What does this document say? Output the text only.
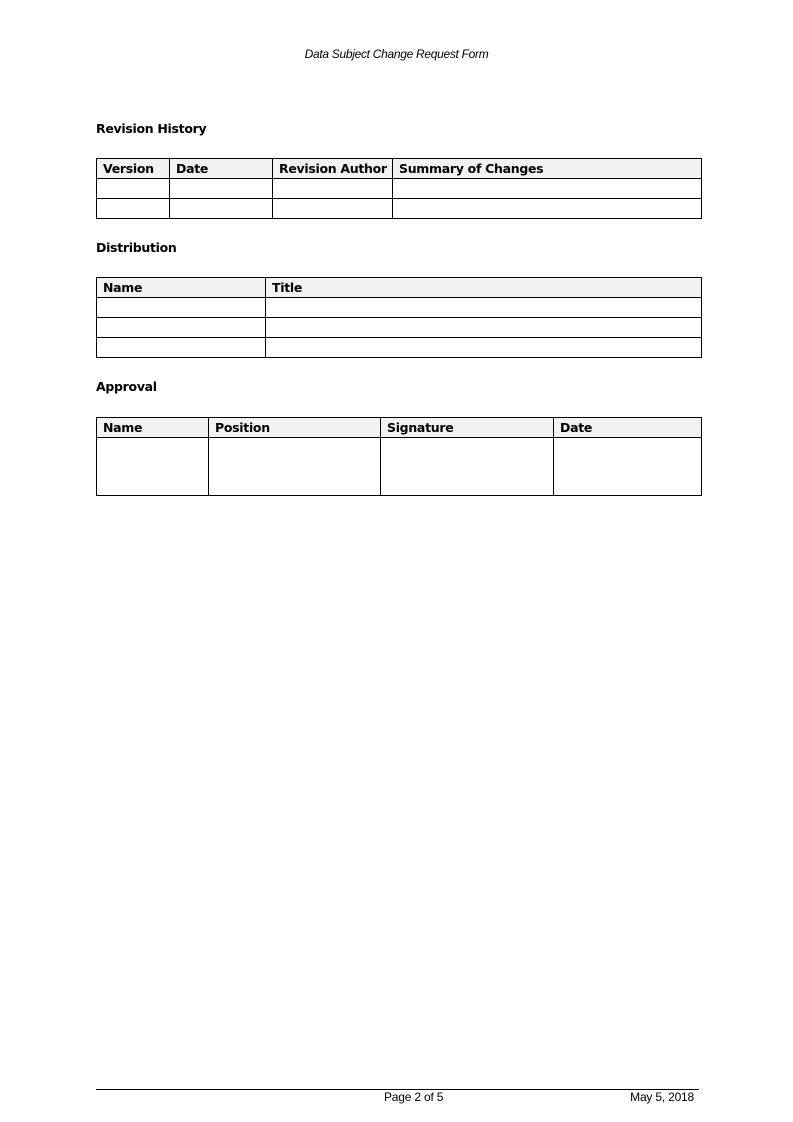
Data Subject Change Request Form
Revision History
Version	Date	Revision Author	Summary of Changes

Distribution
Name	Title

Approval
Name	Position	Signature	Date

Page 2 of 5	May 5, 2018
